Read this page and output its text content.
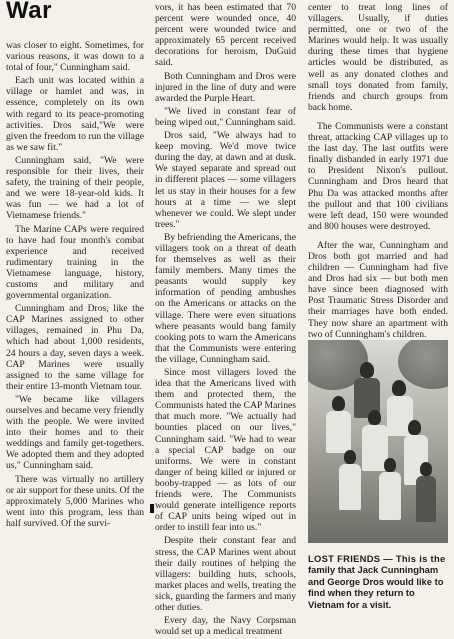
War

was closer to eight. Sometimes, for various reasons, it was down to a total of four," Cunningham said.

Each unit was located within a village or hamlet and was, in essence, completely on its own with regard to its peace-promoting activities. Dros said,"We were given the freedom to run the village as we saw fit."

Cunningham said, "We were responsible for their lives, their safety, the training of their people, and we were 18-year-old kids. It was fun — we had a lot of Vietnamese friends."

The Marine CAPs were required to have had four month's combat experience and received rudimentary training in the Vietnamese language, history, customs and military and governmental organization.

Cunningham and Dros, like the CAP Marines assigned to other villages, remained in Phu Da, which had about 1,000 residents, 24 hours a day, seven days a week. CAP Marines were usually assigned to the same village for their entire 13-month Vietnam tour.

"We became like villagers ourselves and became very friendly with the people. We were invited into their homes and to their weddings and family get-togethers. We adopted them and they adopted us," Cunningham said.

There was virtually no artillery or air support for these units. Of the approximately 5,000 Marines who went into this program, less than half survived. Of the survi-

vors, it has been estimated that 70 percent were wounded once, 40 percent were wounded twice and approximately 65 percent received decorations for heroism, DuGuid said.

Both Cunningham and Dros were injured in the line of duty and were awarded the Purple Heart.

"We lived in constant fear of being wiped out," Cunningham said.

Dros said, "We always had to keep moving. We'd move twice during the day, at dawn and at dusk. We stayed separate and spread out in different places — some villagers let us stay in their houses for a few hours at a time — we slept whenever we could. We slept under trees."

By befriending the Americans, the villagers took on a threat of death for themselves as well as their family members. Many times the peasants would supply key information of pending ambushes on the Americans or attacks on the village. There were even situations where peasants would bang family cooking pots to warn the Americans that the Communists were entering the village, Cunningham said.

Since most villagers loved the idea that the Americans lived with them and protected them, the Communists hated the CAP Marines that much more. "We actually had bounties placed on our lives," Cunningham said. "We had to wear a special CAP badge on our uniforms. We were in constant danger of being killed or injured or booby-trapped — as lots of our friends were. The Communists would generate intelligence reports of CAP units being wiped out in order to instill fear into us."

Despite their constant fear and stress, the CAP Marines went about their daily routines of helping the villagers: building huts, schools, market places and wells, treating the sick, guarding the farmers and many other duties.

Every day, the Navy Corpsman would set up a medical treatment

center to treat long lines of villagers. Usually, if duties permitted, one or two of the Marines would help. It was usually during these times that hygiene articles would be distributed, as well as any donated clothes and small toys donated from family, friends and church groups from back home.

The Communists were a constant threat, attacking CAP villages up to the last day. The last outfits were finally disbanded in early 1971 due to President Nixon's pullout. Cunningham and Dros heard that Phu Da was attacked months after the pullout and that 100 civilians were left dead, 150 were wounded and 800 houses were destroyed.

After the war, Cunningham and Dros both got married and had children — Cunningham had five and Dros had six — but both men have since been diagnosed with Post Traumatic Stress Disorder and their marriages have both ended. They now share an apartment with two of Cunningham's children.

LOST FRIENDS — This is the family that Jack Cunningham and George Dros would like to find when they return to Vietnam for a visit.
